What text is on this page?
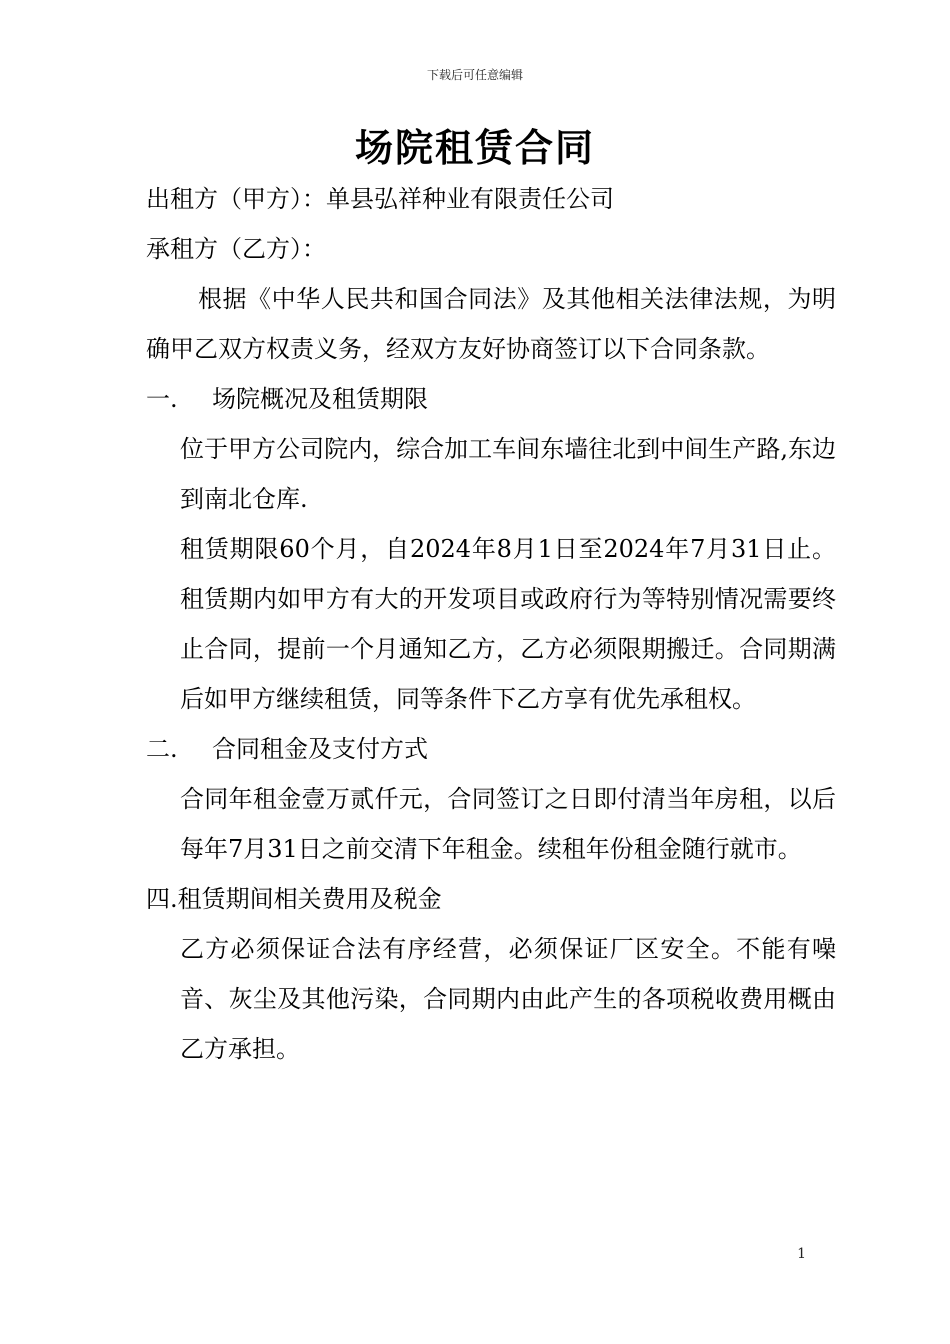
下载后可任意编辑
场院租赁合同
出租方（甲方）：单县弘祥种业有限责任公司
承租方（乙方）：

根据《中华人民共和国合同法》及其他相关法律法规，为明确甲乙双方权责义务，经双方友好协商签订以下合同条款。

一. 场院概况及租赁期限

位于甲方公司院内，综合加工车间东墙往北到中间生产路,东边到南北仓库.

租赁期限60个月，自2024年8月1日至2024年7月31日止。租赁期内如甲方有大的开发项目或政府行为等特别情况需要终止合同，提前一个月通知乙方，乙方必须限期搬迁。合同期满后如甲方继续租赁，同等条件下乙方享有优先承租权。

二. 合同租金及支付方式

合同年租金壹万贰仟元，合同签订之日即付清当年房租，以后每年7月31日之前交清下年租金。续租年份租金随行就市。

四.租赁期间相关费用及税金

乙方必须保证合法有序经营，必须保证厂区安全。不能有噪音、灰尘及其他污染，合同期内由此产生的各项税收费用概由乙方承担。

1
